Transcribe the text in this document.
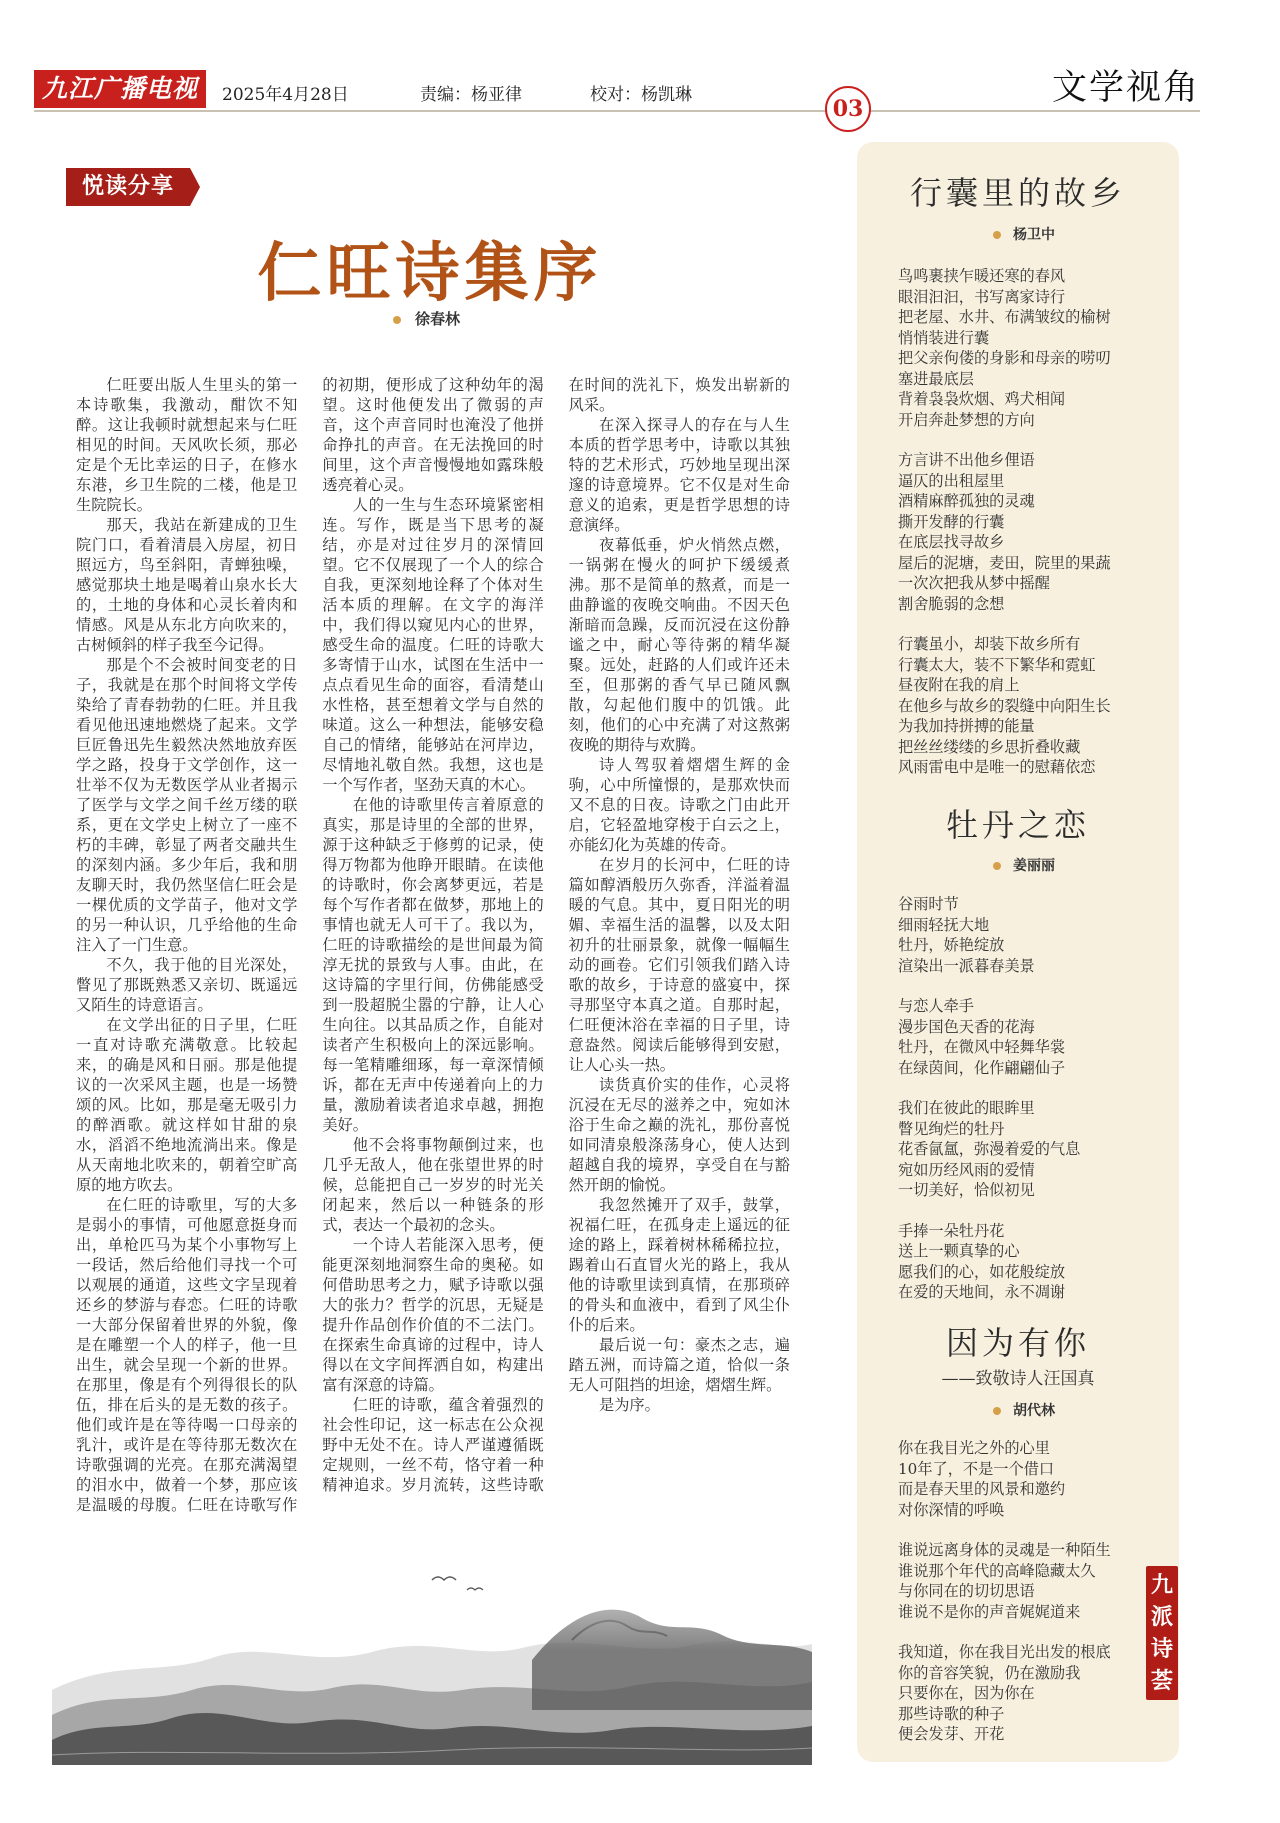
九江广播电视报
2025年4月28日	责编：杨亚律	校对：杨凯琳
03
文学视角
悦读分享
仁旺诗集序
徐春林

仁旺要出版人生里头的第一本诗歌集，我激动，酣饮不知醉。这让我顿时就想起来与仁旺相见的时间。天风吹长须，那必定是个无比幸运的日子，在修水东港，乡卫生院的二楼，他是卫生院院长。

那天，我站在新建成的卫生院门口，看着清晨入房屋，初日照远方，鸟至斜阳，青蝉独噪，感觉那块土地是喝着山泉水长大的，土地的身体和心灵长着肉和情感。风是从东北方向吹来的，古树倾斜的样子我至今记得。

那是个不会被时间变老的日子，我就是在那个时间将文学传染给了青春勃勃的仁旺。并且我看见他迅速地燃烧了起来。文学巨匠鲁迅先生毅然决然地放弃医学之路，投身于文学创作，这一壮举不仅为无数医学从业者揭示了医学与文学之间千丝万缕的联系，更在文学史上树立了一座不朽的丰碑，彰显了两者交融共生的深刻内涵。多少年后，我和朋友聊天时，我仍然坚信仁旺会是一棵优质的文学苗子，他对文学的另一种认识，几乎给他的生命注入了一门生意。

不久，我于他的目光深处，瞥见了那既熟悉又亲切、既遥远又陌生的诗意语言。

在文学出征的日子里，仁旺一直对诗歌充满敬意。比较起来，的确是风和日丽。那是他提议的一次采风主题，也是一场赞颂的风。比如，那是毫无吸引力的醉酒歌。就这样如甘甜的泉水，滔滔不绝地流淌出来。像是从天南地北吹来的，朝着空旷高原的地方吹去。

在仁旺的诗歌里，写的大多是弱小的事情，可他愿意挺身而出，单枪匹马为某个小事物写上一段话，然后给他们寻找一个可以观展的通道，这些文字呈现着还乡的梦游与春恋。仁旺的诗歌一大部分保留着世界的外貌，像是在雕塑一个人的样子，他一旦出生，就会呈现一个新的世界。在那里，像是有个列得很长的队伍，排在后头的是无数的孩子。他们或许是在等待喝一口母亲的乳汁，或许是在等待那无数次在诗歌强调的光亮。在那充满渴望的泪水中，做着一个梦，那应该是温暖的母腹。仁旺在诗歌写作的初期，便形成了这种幼年的渴望。这时他便发出了微弱的声音，这个声音同时也淹没了他拼命挣扎的声音。在无法挽回的时间里，这个声音慢慢地如露珠般透亮着心灵。

人的一生与生态环境紧密相连。写作，既是当下思考的凝结，亦是对过往岁月的深情回望。它不仅展现了一个人的综合自我，更深刻地诠释了个体对生活本质的理解。在文字的海洋中，我们得以窥见内心的世界，感受生命的温度。仁旺的诗歌大多寄情于山水，试图在生活中一点点看见生命的面容，看清楚山水性格，甚至想着文学与自然的味道。这么一种想法，能够安稳自己的情绪，能够站在河岸边，尽情地礼敬自然。我想，这也是一个写作者，坚劲天真的木心。

在他的诗歌里传言着原意的真实，那是诗里的全部的世界，源于这种缺乏于修剪的记录，使得万物都为他睁开眼睛。在读他的诗歌时，你会离梦更远，若是每个写作者都在做梦，那地上的事情也就无人可干了。我以为，仁旺的诗歌描绘的是世间最为简淳无扰的景致与人事。由此，在这诗篇的字里行间，仿佛能感受到一股超脱尘嚣的宁静，让人心生向往。以其品质之作，自能对读者产生积极向上的深远影响。每一笔精雕细琢，每一章深情倾诉，都在无声中传递着向上的力量，激励着读者追求卓越，拥抱美好。

他不会将事物颠倒过来，也几乎无敌人，他在张望世界的时候，总能把自己一岁岁的时光关闭起来，然后以一种链条的形式，表达一个最初的念头。

一个诗人若能深入思考，便能更深刻地洞察生命的奥秘。如何借助思考之力，赋予诗歌以强大的张力？哲学的沉思，无疑是提升作品创作价值的不二法门。在探索生命真谛的过程中，诗人得以在文字间挥洒自如，构建出富有深意的诗篇。

仁旺的诗歌，蕴含着强烈的社会性印记，这一标志在公众视野中无处不在。诗人严谨遵循既定规则，一丝不苟，恪守着一种精神追求。岁月流转，这些诗歌在时间的洗礼下，焕发出崭新的风采。

在深入探寻人的存在与人生本质的哲学思考中，诗歌以其独特的艺术形式，巧妙地呈现出深邃的诗意境界。它不仅是对生命意义的追索，更是哲学思想的诗意演绎。

夜幕低垂，炉火悄然点燃，一锅粥在慢火的呵护下缓缓煮沸。那不是简单的熬煮，而是一曲静谧的夜晚交响曲。不因天色渐暗而急躁，反而沉浸在这份静谧之中，耐心等待粥的精华凝聚。远处，赶路的人们或许还未至，但那粥的香气早已随风飘散，勾起他们腹中的饥饿。此刻，他们的心中充满了对这熬粥夜晚的期待与欢腾。

诗人驾驭着熠熠生辉的金驹，心中所憧憬的，是那欢快而又不息的日夜。诗歌之门由此开启，它轻盈地穿梭于白云之上，亦能幻化为英雄的传奇。

在岁月的长河中，仁旺的诗篇如醇酒般历久弥香，洋溢着温暖的气息。其中，夏日阳光的明媚、幸福生活的温馨，以及太阳初升的壮丽景象，就像一幅幅生动的画卷。它们引领我们踏入诗歌的故乡，于诗意的盛宴中，探寻那坚守本真之道。自那时起，仁旺便沐浴在幸福的日子里，诗意盎然。阅读后能够得到安慰，让人心头一热。

读货真价实的佳作，心灵将沉浸在无尽的滋养之中，宛如沐浴于生命之巅的洗礼，那份喜悦如同清泉般涤荡身心，使人达到超越自我的境界，享受自在与豁然开朗的愉悦。

我忽然摊开了双手，鼓掌，祝福仁旺，在孤身走上遥远的征途的路上，踩着树林稀稀拉拉，踢着山石直冒火光的路上，我从他的诗歌里读到真情，在那琐碎的骨头和血液中，看到了风尘仆仆的后来。

最后说一句：豪杰之志，遍踏五洲，而诗篇之道，恰似一条无人可阻挡的坦途，熠熠生辉。

是为序。

行囊里的故乡
杨卫中
鸟鸣裹挟乍暖还寒的春风
眼泪汩汩，书写离家诗行
把老屋、水井、布满皱纹的榆树
悄悄装进行囊
把父亲佝偻的身影和母亲的唠叨
塞进最底层
背着袅袅炊烟、鸡犬相闻
开启奔赴梦想的方向
方言讲不出他乡俚语
逼仄的出租屋里
酒精麻醉孤独的灵魂
撕开发酵的行囊
在底层找寻故乡
屋后的泥塘，麦田，院里的果蔬
一次次把我从梦中摇醒
割舍脆弱的念想
行囊虽小，却装下故乡所有
行囊太大，装不下繁华和霓虹
昼夜附在我的肩上
在他乡与故乡的裂缝中向阳生长
为我加持拼搏的能量
把丝丝缕缕的乡思折叠收藏
风雨雷电中是唯一的慰藉依恋
牡丹之恋
姜丽丽
谷雨时节
细雨轻抚大地
牡丹，娇艳绽放
渲染出一派暮春美景
与恋人牵手
漫步国色天香的花海
牡丹，在微风中轻舞华裳
在绿茵间，化作翩翩仙子
我们在彼此的眼眸里
瞥见绚烂的牡丹
花香氤氲，弥漫着爱的气息
宛如历经风雨的爱情
一切美好，恰似初见
手捧一朵牡丹花
送上一颗真挚的心
愿我们的心，如花般绽放
在爱的天地间，永不凋谢
因为有你
——致敬诗人汪国真
胡代林
你在我目光之外的心里
10年了，不是一个借口
而是春天里的风景和邀约
对你深情的呼唤
谁说远离身体的灵魂是一种陌生
谁说那个年代的高峰隐藏太久
与你同在的切切思语
谁说不是你的声音娓娓道来
我知道，你在我目光出发的根底
你的音容笑貌，仍在激励我
只要你在，因为你在
那些诗歌的种子
便会发芽、开花
九
派
诗
荟
